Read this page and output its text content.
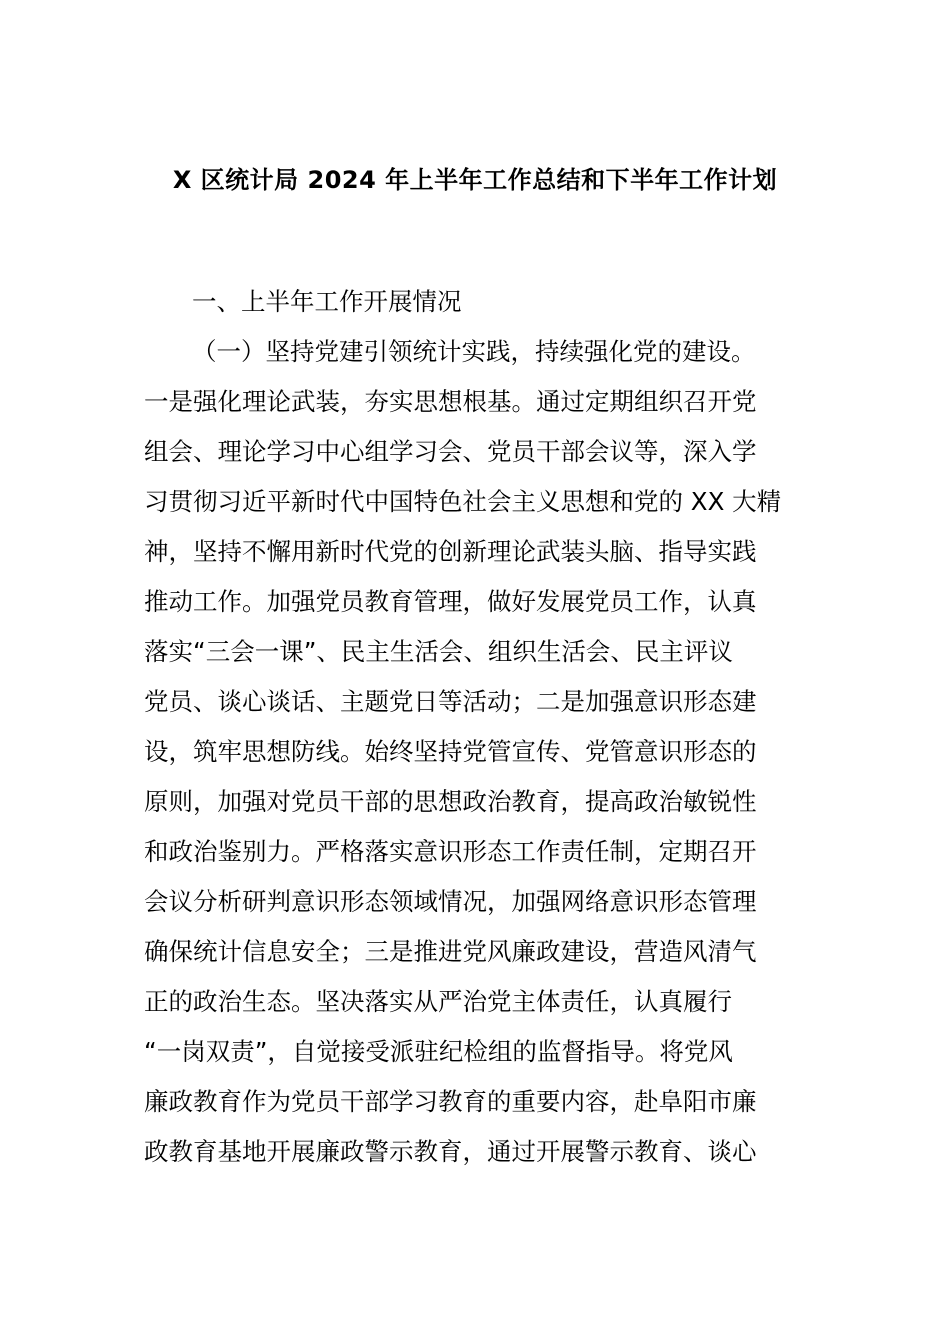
X 区统计局 2024 年上半年工作总结和下半年工作计划
一、上半年工作开展情况
（一）坚持党建引领统计实践，持续强化党的建设。
一是强化理论武装，夯实思想根基。通过定期组织召开党
组会、理论学习中心组学习会、党员干部会议等，深入学
习贯彻习近平新时代中国特色社会主义思想和党的 XX 大精
神，坚持不懈用新时代党的创新理论武装头脑、指导实践
推动工作。加强党员教育管理，做好发展党员工作，认真
落实“三会一课”、民主生活会、组织生活会、民主评议
党员、谈心谈话、主题党日等活动；二是加强意识形态建
设，筑牢思想防线。始终坚持党管宣传、党管意识形态的
原则，加强对党员干部的思想政治教育，提高政治敏锐性
和政治鉴别力。严格落实意识形态工作责任制，定期召开
会议分析研判意识形态领域情况，加强网络意识形态管理
确保统计信息安全；三是推进党风廉政建设，营造风清气
正的政治生态。坚决落实从严治党主体责任，认真履行
“一岗双责”，自觉接受派驻纪检组的监督指导。将党风
廉政教育作为党员干部学习教育的重要内容，赴阜阳市廉
政教育基地开展廉政警示教育，通过开展警示教育、谈心
